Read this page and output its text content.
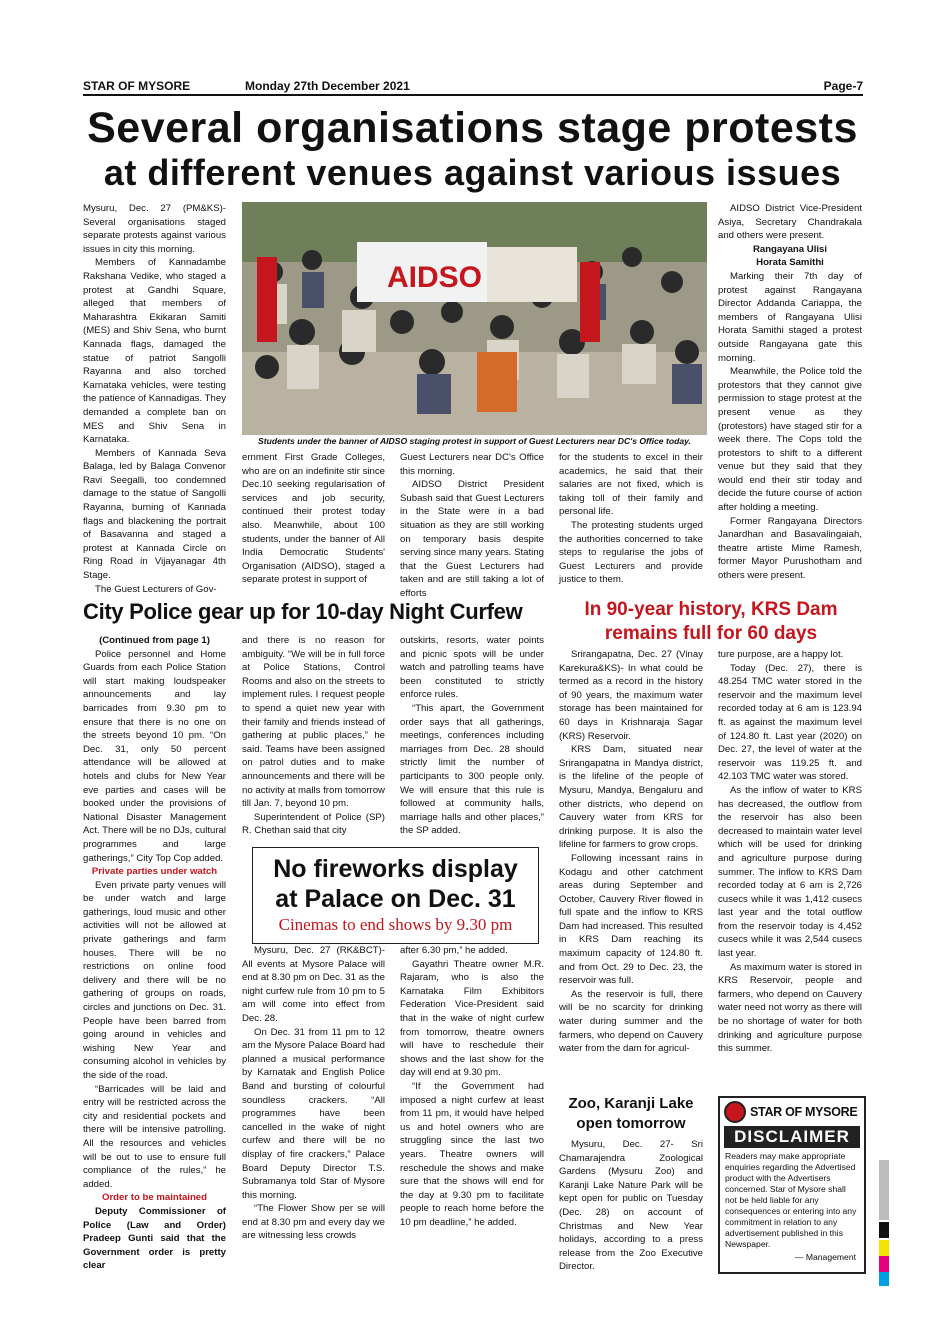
STAR OF MYSORE	Monday 27th December 2021	Page-7
Several organisations stage protests
at different venues against various issues

Mysuru, Dec. 27 (PM&KS)- Several organisations staged separate protests against various issues in city this morning.

Members of Kannadambe Rakshana Vedike, who staged a protest at Gandhi Square, alleged that members of Maharashtra Ekikaran Samiti (MES) and Shiv Sena, who burnt Kannada flags, damaged the statue of patriot Sangolli Rayanna and also torched Karnataka vehicles, were testing the patience of Kannadigas. They demanded a complete ban on MES and Shiv Sena in Karnataka.

Members of Kannada Seva Balaga, led by Balaga Convenor Ravi Seegalli, too condemned damage to the statue of Sangolli Rayanna, burning of Kannada flags and blackening the portrait of Basavanna and staged a protest at Kannada Circle on Ring Road in Vijayanagar 4th Stage.

The Guest Lecturers of Gov-

AIDSO
Students under the banner of AIDSO staging protest in support of Guest Lecturers near DC's Office today.

ernment First Grade Colleges, who are on an indefinite stir since Dec.10 seeking regularisation of services and job security, continued their protest today also. Meanwhile, about 100 students, under the banner of All India Democratic Students' Organisation (AIDSO), staged a separate protest in support of

Guest Lecturers near DC's Office this morning.

AIDSO District President Subash said that Guest Lecturers in the State were in a bad situation as they are still working on temporary basis despite serving since many years. Stating that the Guest Lecturers had taken and are still taking a lot of efforts

for the students to excel in their academics, he said that their salaries are not fixed, which is taking toll of their family and personal life.

The protesting students urged the authorities concerned to take steps to regularise the jobs of Guest Lecturers and provide justice to them.

AIDSO District Vice-President Asiya, Secretary Chandrakala and others were present.

Rangayana Ulisi

Horata Samithi

Marking their 7th day of protest against Rangayana Director Addanda Cariappa, the members of Rangayana Ulisi Horata Samithi staged a protest outside Rangayana gate this morning.

Meanwhile, the Police told the protestors that they cannot give permission to stage protest at the present venue as they (protestors) have staged stir for a week there. The Cops told the protestors to shift to a different venue but they said that they would end their stir today and decide the future course of action after holding a meeting.

Former Rangayana Directors Janardhan and Basavalingaiah, theatre artiste Mime Ramesh, former Mayor Purushotham and others were present.

City Police gear up for 10-day Night Curfew

(Continued from page 1)

Police personnel and Home Guards from each Police Station will start making loudspeaker announcements and lay barricades from 9.30 pm to ensure that there is no one on the streets beyond 10 pm. “On Dec. 31, only 50 percent attendance will be allowed at hotels and clubs for New Year eve parties and cases will be booked under the provisions of National Disaster Management Act. There will be no DJs, cultural programmes and large gatherings,” City Top Cop added.

Private parties under watch

Even private party venues will be under watch and large gatherings, loud music and other activities will not be allowed at private gatherings and farm houses. There will be no restrictions on online food delivery and there will be no gathering of groups on roads, circles and junctions on Dec. 31. People have been barred from going around in vehicles and wishing New Year and consuming alcohol in vehicles by the side of the road.

“Barricades will be laid and entry will be restricted across the city and residential pockets and there will be intensive patrolling. All the resources and vehicles will be out to use to ensure full compliance of the rules,” he added.

Order to be maintained

Deputy Commissioner of Police (Law and Order) Pradeep Gunti said that the Government order is pretty clear

and there is no reason for ambiguity. “We will be in full force at Police Stations, Control Rooms and also on the streets to implement rules. I request people to spend a quiet new year with their family and friends instead of gathering at public places,” he said. Teams have been assigned on patrol duties and to make announcements and there will be no activity at malls from tomorrow till Jan. 7, beyond 10 pm.

Superintendent of Police (SP) R. Chethan said that city

outskirts, resorts, water points and picnic spots will be under watch and patrolling teams have been constituted to strictly enforce rules.

“This apart, the Government order says that all gatherings, meetings, conferences including marriages from Dec. 28 should strictly limit the number of participants to 300 people only. We will ensure that this rule is followed at community halls, marriage halls and other places,” the SP added.

No fireworks display
at Palace on Dec. 31
Cinemas to end shows by 9.30 pm

Mysuru, Dec. 27 (RK&BCT)- All events at Mysore Palace will end at 8.30 pm on Dec. 31 as the night curfew rule from 10 pm to 5 am will come into effect from Dec. 28.

On Dec. 31 from 11 pm to 12 am the Mysore Palace Board had planned a musical performance by Karnatak and English Police Band and bursting of colourful soundless crackers. “All programmes have been cancelled in the wake of night curfew and there will be no display of fire crackers,” Palace Board Deputy Director T.S. Subramanya told Star of Mysore this morning.

“The Flower Show per se will end at 8.30 pm and every day we are witnessing less crowds

after 6.30 pm,” he added.

Gayathri Theatre owner M.R. Rajaram, who is also the Karnataka Film Exhibitors Federation Vice-President said that in the wake of night curfew from tomorrow, theatre owners will have to reschedule their shows and the last show for the day will end at 9.30 pm.

“If the Government had imposed a night curfew at least from 11 pm, it would have helped us and hotel owners who are struggling since the last two years. Theatre owners will reschedule the shows and make sure that the shows will end for the day at 9.30 pm to facilitate people to reach home before the 10 pm deadline,” he added.

In 90-year history, KRS Dam
remains full for 60 days

Srirangapatna, Dec. 27 (Vinay Karekura&KS)- In what could be termed as a record in the history of 90 years, the maximum water storage has been maintained for 60 days in Krishnaraja Sagar (KRS) Reservoir.

KRS Dam, situated near Srirangapatna in Mandya district, is the lifeline of the people of Mysuru, Mandya, Bengaluru and other districts, who depend on Cauvery water from KRS for drinking purpose. It is also the lifeline for farmers to grow crops.

Following incessant rains in Kodagu and other catchment areas during September and October, Cauvery River flowed in full spate and the inflow to KRS Dam had increased. This resulted in KRS Dam reaching its maximum capacity of 124.80 ft. and from Oct. 29 to Dec. 23, the reservoir was full.

As the reservoir is full, there will be no scarcity for drinking water during summer and the farmers, who depend on Cauvery water from the dam for agricul-

ture purpose, are a happy lot.

Today (Dec. 27), there is 48.254 TMC water stored in the reservoir and the maximum level recorded today at 6 am is 123.94 ft. as against the maximum level of 124.80 ft. Last year (2020) on Dec. 27, the level of water at the reservoir was 119.25 ft. and 42.103 TMC water was stored.

As the inflow of water to KRS has decreased, the outflow from the reservoir has also been decreased to maintain water level which will be used for drinking and agriculture purpose during summer. The inflow to KRS Dam recorded today at 6 am is 2,726 cusecs while it was 1,412 cusecs last year and the total outflow from the reservoir today is 4,452 cusecs while it was 2,544 cusecs last year.

As maximum water is stored in KRS Reservoir, people and farmers, who depend on Cauvery water need not worry as there will be no shortage of water for both drinking and agriculture purpose this summer.

Zoo, Karanji Lake
open tomorrow

Mysuru, Dec. 27- Sri Chamarajendra Zoological Gardens (Mysuru Zoo) and Karanji Lake Nature Park will be kept open for public on Tuesday (Dec. 28) on account of Christmas and New Year holidays, according to a press release from the Zoo Executive Director.

STAR OF MYSORE
DISCLAIMER
Readers may make appropriate enquiries regarding the Advertised product with the Advertisers concerned. Star of Mysore shall not be held liable for any consequences or entering into any commitment in relation to any advertisement published in this Newspaper.
— Management
